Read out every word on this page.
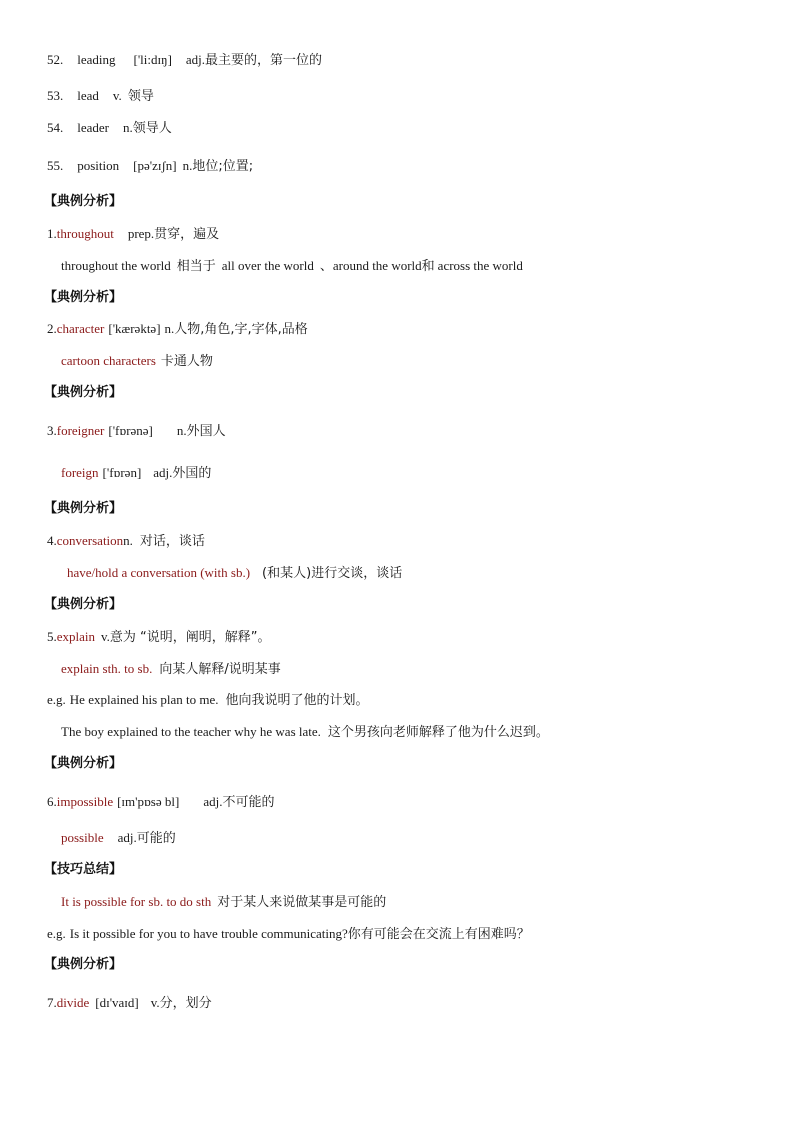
52. leading ['li:dɪŋ] adj.最主要的，第一位的
53. lead v. 领导
54. leader n.领导人
55. position [pə'zɪʃn] n.地位;位置;
【典例分析】
1.throughout prep.贯穿，遍及
throughout the world 相当于 all over the world 、around the world和 across the world
【典例分析】
2.character ['kærəktə] n.人物,角色,字,字体,品格
cartoon characters 卡通人物
【典例分析】
3.foreigner ['fɒrənə] n.外国人
foreign ['fɒrən] adj.外国的
【典例分析】
4.conversationn. 对话，谈话
have/hold a conversation (with sb.) (和某人)进行交谈，谈话
【典例分析】
5.explain v.意为 “说明，阐明，解释”。
explain sth. to sb. 向某人解释/说明某事
e.g. He explained his plan to me. 他向我说明了他的计划。
The boy explained to the teacher why he was late. 这个男孩向老师解释了他为什么迟到。
【典例分析】
6.impossible [ɪm'pɒsə bl] adj.不可能的
possible adj.可能的
【技巧总结】
It is possible for sb. to do sth 对于某人来说做某事是可能的
e.g. Is it possible for you to have trouble communicating?你有可能会在交流上有困难吗？
【典例分析】
7.divide [dɪ'vaɪd] v.分，划分
